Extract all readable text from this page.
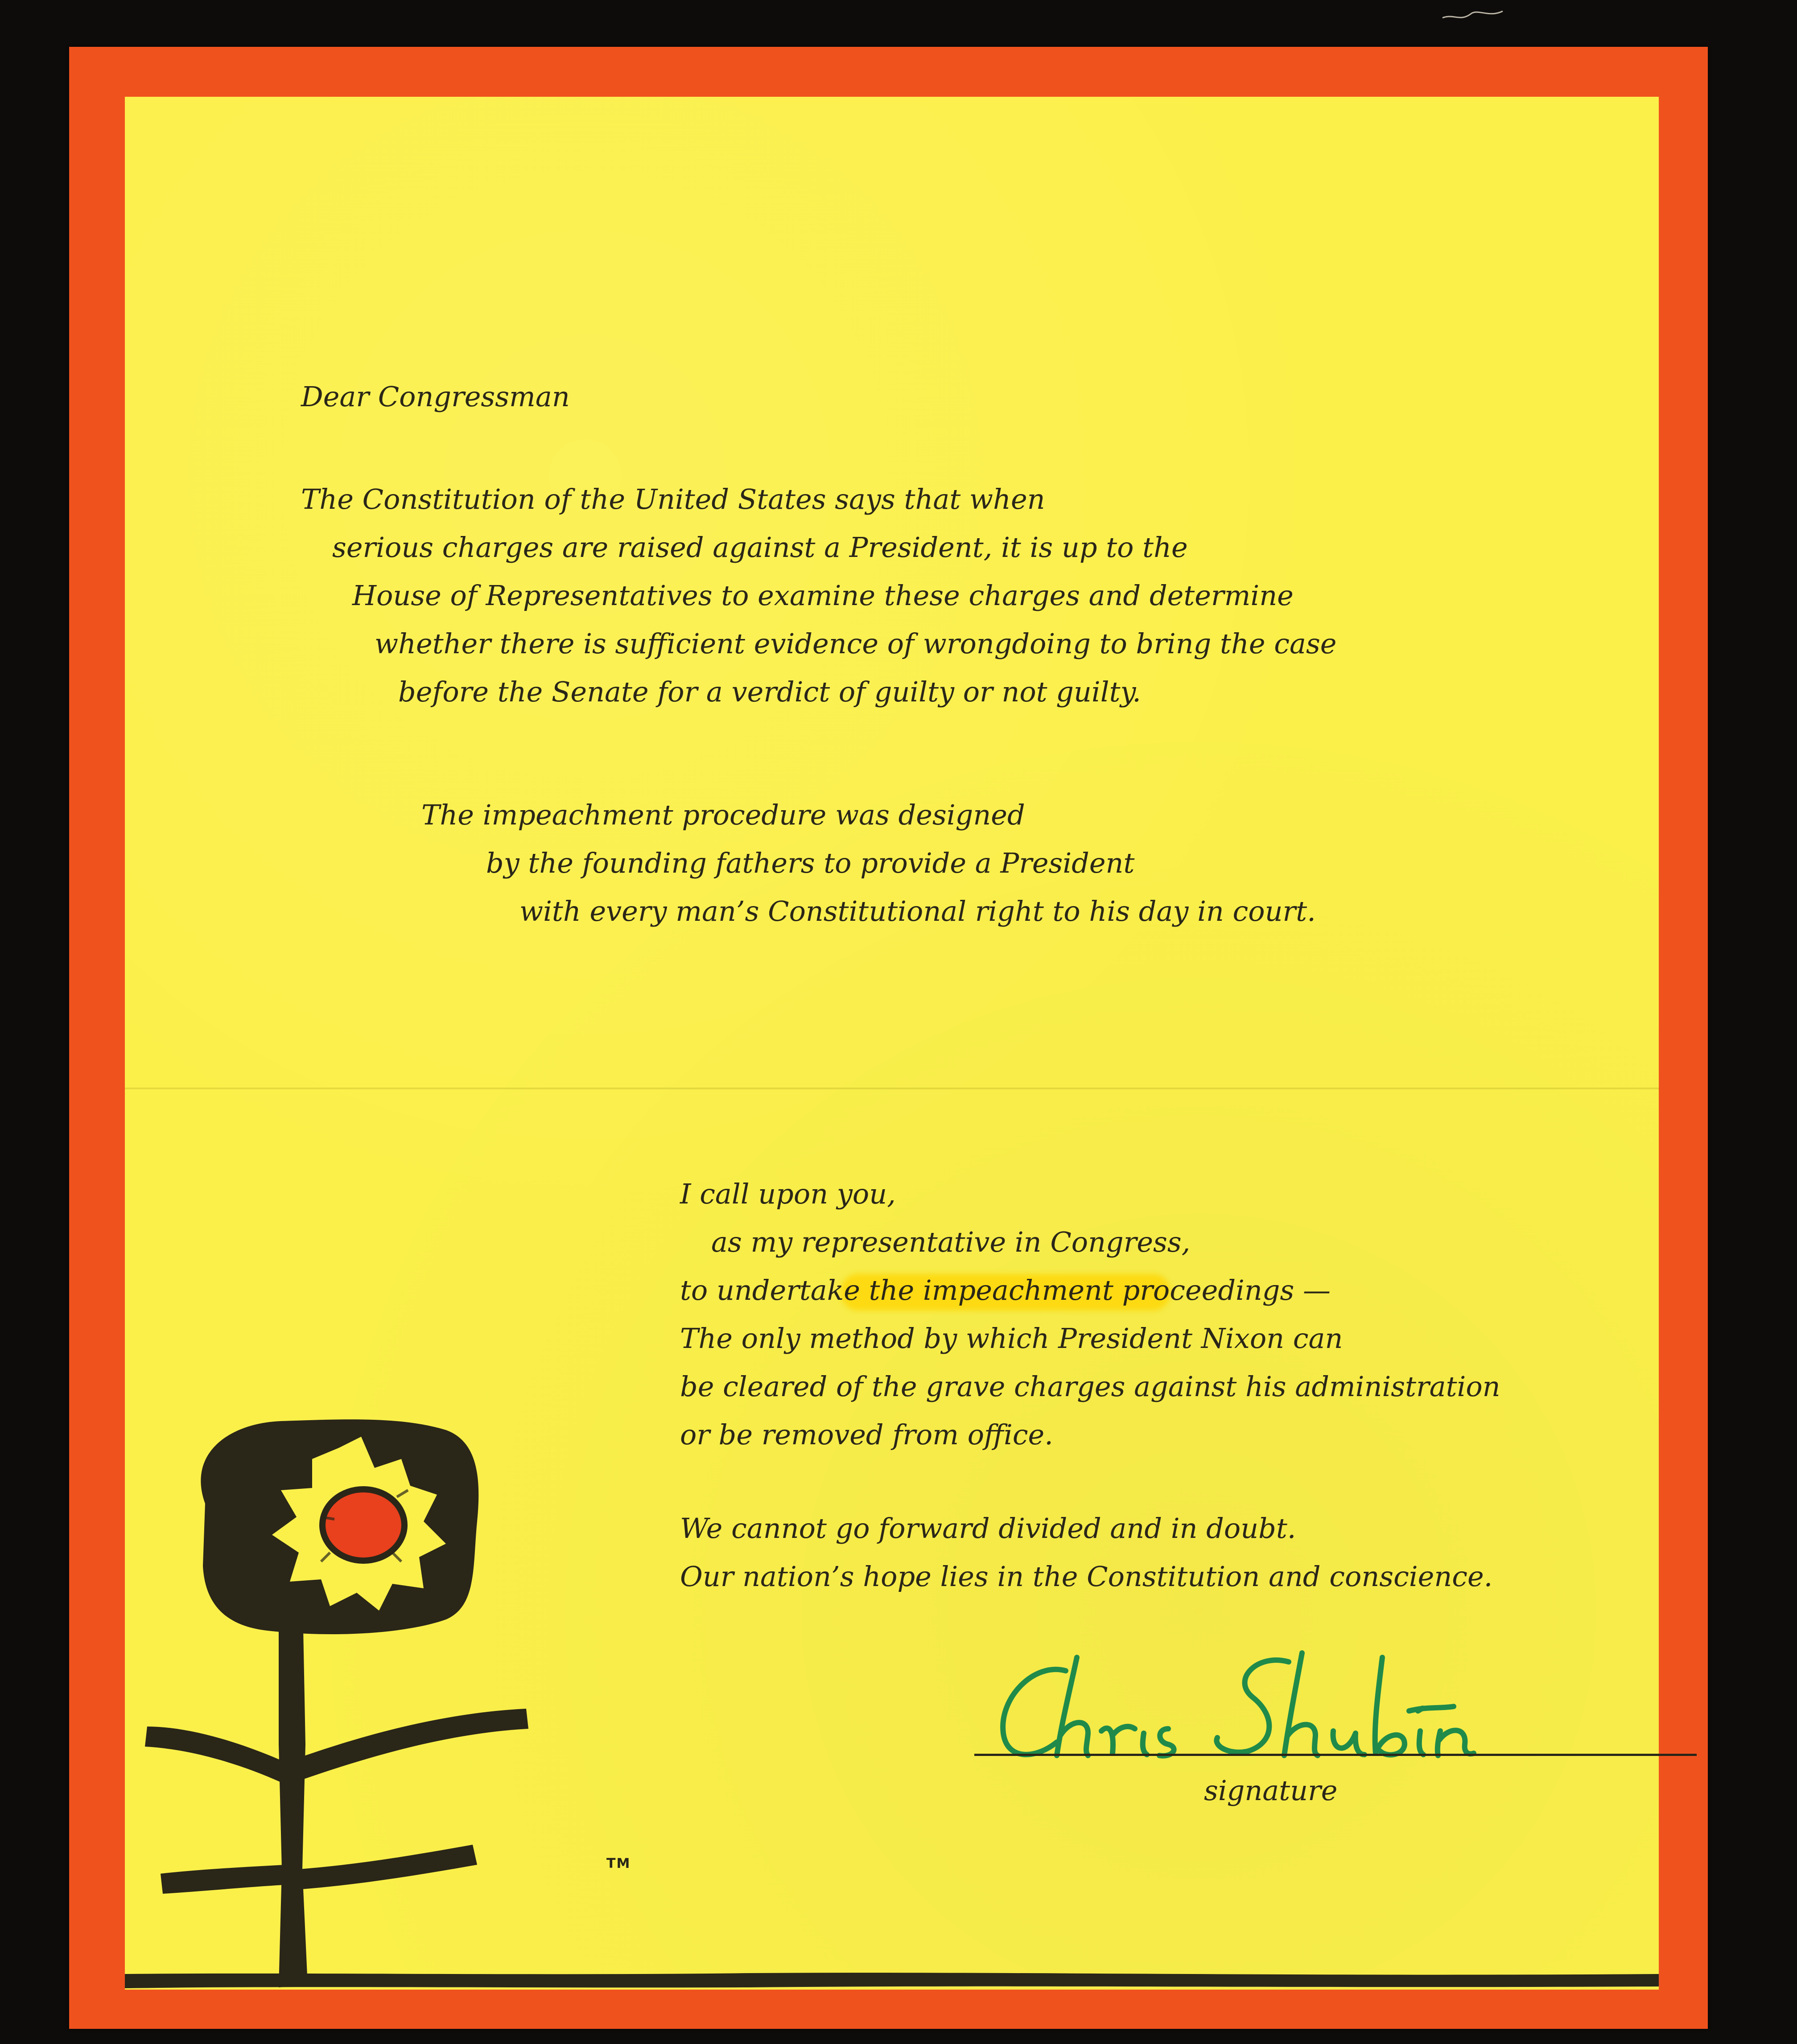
Dear Congressman
The Constitution of the United States says that when
serious charges are raised against a President, it is up to the
House of Representatives to examine these charges and determine
whether there is sufficient evidence of wrongdoing to bring the case
before the Senate for a verdict of guilty or not guilty.
The impeachment procedure was designed
by the founding fathers to provide a President
with every man’s Constitutional right to his day in court.
I call upon you,
as my representative in Congress,
to undertake the impeachment proceedings —
The only method by which President Nixon can
be cleared of the grave charges against his administration
or be removed from office.
We cannot go forward divided and in doubt.
Our nation’s hope lies in the Constitution and conscience.
signature
TM
